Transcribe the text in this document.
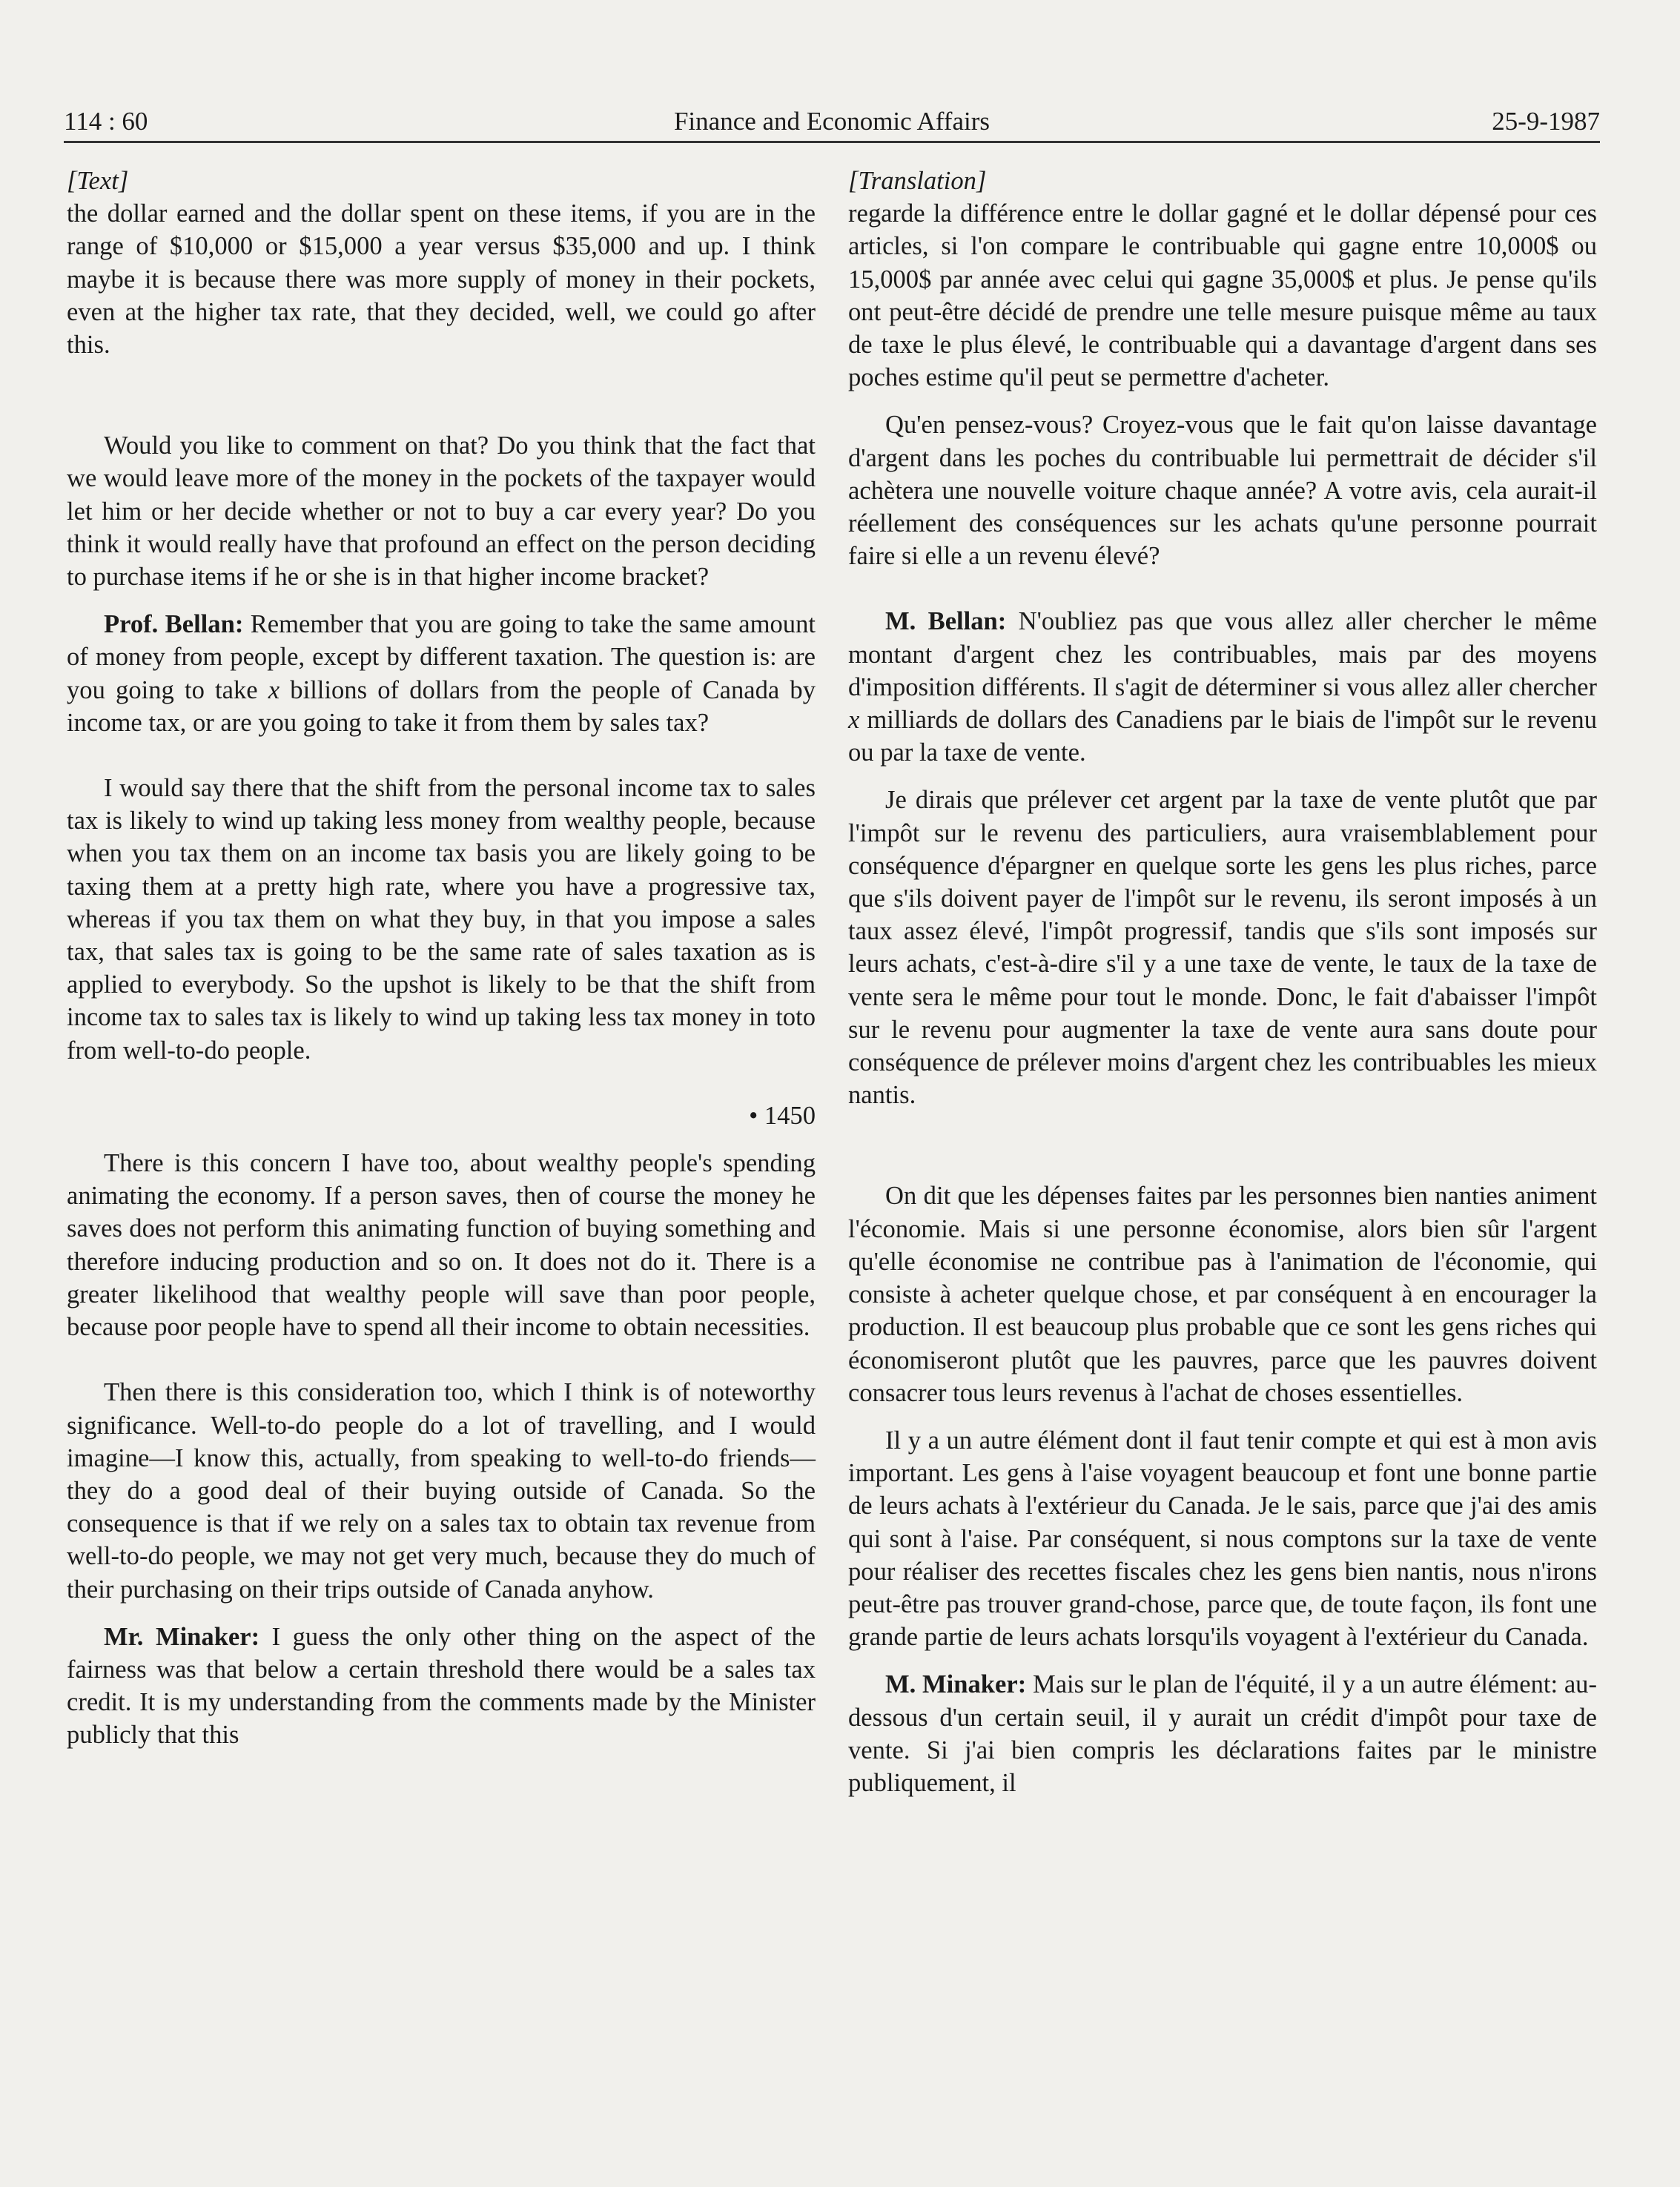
114 : 60	Finance and Economic Affairs	25-9-1987

[Text]

the dollar earned and the dollar spent on these items, if you are in the range of $10,000 or $15,000 a year versus $35,000 and up. I think maybe it is because there was more supply of money in their pockets, even at the higher tax rate, that they decided, well, we could go after this.

Would you like to comment on that? Do you think that the fact that we would leave more of the money in the pockets of the taxpayer would let him or her decide whether or not to buy a car every year? Do you think it would really have that profound an effect on the person deciding to purchase items if he or she is in that higher income bracket?

Prof. Bellan: Remember that you are going to take the same amount of money from people, except by different taxation. The question is: are you going to take x billions of dollars from the people of Canada by income tax, or are you going to take it from them by sales tax?

I would say there that the shift from the personal income tax to sales tax is likely to wind up taking less money from wealthy people, because when you tax them on an income tax basis you are likely going to be taxing them at a pretty high rate, where you have a progressive tax, whereas if you tax them on what they buy, in that you impose a sales tax, that sales tax is going to be the same rate of sales taxation as is applied to everybody. So the upshot is likely to be that the shift from income tax to sales tax is likely to wind up taking less tax money in toto from well-to-do people.

• 1450

There is this concern I have too, about wealthy people's spending animating the economy. If a person saves, then of course the money he saves does not perform this animating function of buying something and therefore inducing production and so on. It does not do it. There is a greater likelihood that wealthy people will save than poor people, because poor people have to spend all their income to obtain necessities.

Then there is this consideration too, which I think is of noteworthy significance. Well-to-do people do a lot of travelling, and I would imagine—I know this, actually, from speaking to well-to-do friends—they do a good deal of their buying outside of Canada. So the consequence is that if we rely on a sales tax to obtain tax revenue from well-to-do people, we may not get very much, because they do much of their purchasing on their trips outside of Canada anyhow.

Mr. Minaker: I guess the only other thing on the aspect of the fairness was that below a certain threshold there would be a sales tax credit. It is my understanding from the comments made by the Minister publicly that this

[Translation]

regarde la différence entre le dollar gagné et le dollar dépensé pour ces articles, si l'on compare le contribuable qui gagne entre 10,000$ ou 15,000$ par année avec celui qui gagne 35,000$ et plus. Je pense qu'ils ont peut-être décidé de prendre une telle mesure puisque même au taux de taxe le plus élevé, le contribuable qui a davantage d'argent dans ses poches estime qu'il peut se permettre d'acheter.

Qu'en pensez-vous? Croyez-vous que le fait qu'on laisse davantage d'argent dans les poches du contribuable lui permettrait de décider s'il achètera une nouvelle voiture chaque année? A votre avis, cela aurait-il réellement des conséquences sur les achats qu'une personne pourrait faire si elle a un revenu élevé?

M. Bellan: N'oubliez pas que vous allez aller chercher le même montant d'argent chez les contribuables, mais par des moyens d'imposition différents. Il s'agit de déterminer si vous allez aller chercher x milliards de dollars des Canadiens par le biais de l'impôt sur le revenu ou par la taxe de vente.

Je dirais que prélever cet argent par la taxe de vente plutôt que par l'impôt sur le revenu des particuliers, aura vraisemblablement pour conséquence d'épargner en quelque sorte les gens les plus riches, parce que s'ils doivent payer de l'impôt sur le revenu, ils seront imposés à un taux assez élevé, l'impôt progressif, tandis que s'ils sont imposés sur leurs achats, c'est-à-dire s'il y a une taxe de vente, le taux de la taxe de vente sera le même pour tout le monde. Donc, le fait d'abaisser l'impôt sur le revenu pour augmenter la taxe de vente aura sans doute pour conséquence de prélever moins d'argent chez les contribuables les mieux nantis.

On dit que les dépenses faites par les personnes bien nanties animent l'économie. Mais si une personne économise, alors bien sûr l'argent qu'elle économise ne contribue pas à l'animation de l'économie, qui consiste à acheter quelque chose, et par conséquent à en encourager la production. Il est beaucoup plus probable que ce sont les gens riches qui économiseront plutôt que les pauvres, parce que les pauvres doivent consacrer tous leurs revenus à l'achat de choses essentielles.

Il y a un autre élément dont il faut tenir compte et qui est à mon avis important. Les gens à l'aise voyagent beaucoup et font une bonne partie de leurs achats à l'extérieur du Canada. Je le sais, parce que j'ai des amis qui sont à l'aise. Par conséquent, si nous comptons sur la taxe de vente pour réaliser des recettes fiscales chez les gens bien nantis, nous n'irons peut-être pas trouver grand-chose, parce que, de toute façon, ils font une grande partie de leurs achats lorsqu'ils voyagent à l'extérieur du Canada.

M. Minaker: Mais sur le plan de l'équité, il y a un autre élément: au-dessous d'un certain seuil, il y aurait un crédit d'impôt pour taxe de vente. Si j'ai bien compris les déclarations faites par le ministre publiquement, il
